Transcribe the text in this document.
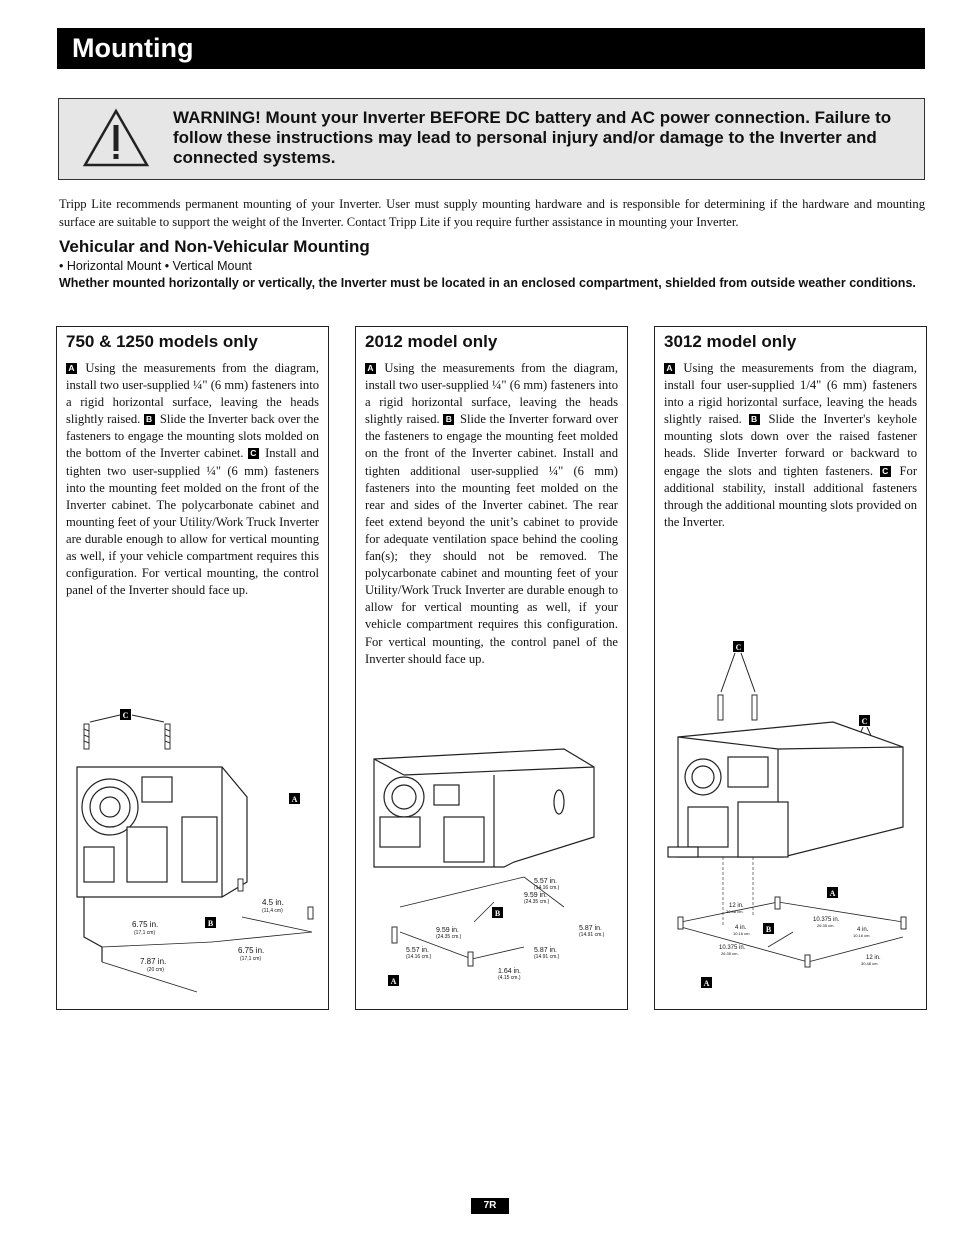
Mounting
WARNING! Mount your Inverter BEFORE DC battery and AC power connection. Failure to follow these instructions may lead to personal injury and/or damage to the Inverter and connected systems.
Tripp Lite recommends permanent mounting of your Inverter. User must supply mounting hardware and is responsible for determining if the hardware and mounting surface are suitable to support the weight of the Inverter. Contact Tripp Lite if you require further assistance in mounting your Inverter.
Vehicular and Non-Vehicular Mounting
• Horizontal Mount • Vertical Mount
Whether mounted horizontally or vertically, the Inverter must be located in an enclosed compartment, shielded from outside weather conditions.
750 & 1250 models only
A Using the measurements from the diagram, install two user-supplied ¼" (6 mm) fasteners into a rigid horizontal surface, leaving the heads slightly raised. B Slide the Inverter back over the fasteners to engage the mounting slots molded on the bottom of the Inverter cabinet. C Install and tighten two user-supplied ¼" (6 mm) fasteners into the mounting feet molded on the front of the Inverter cabinet. The polycarbonate cabinet and mounting feet of your Utility/Work Truck Inverter are durable enough to allow for vertical mounting as well, if your vehicle compartment requires this configuration. For vertical mounting, the control panel of the Inverter should face up.
C
A
B
4.5 in.
(11,4 cm)
6.75 in.
(17,1 cm)
7.87 in.
(20 cm)
6.75 in.
(17,1 cm)
2012 model only
A Using the measurements from the diagram, install two user-supplied ¼" (6 mm) fasteners into a rigid horizontal surface, leaving the heads slightly raised. B Slide the Inverter forward over the fasteners to engage the mounting feet molded on the front of the Inverter cabinet. Install and tighten additional user-supplied ¼" (6 mm) fasteners into the mounting feet molded on the rear and sides of the Inverter cabinet. The rear feet extend beyond the unit’s cabinet to provide for adequate ventilation space behind the cooling fan(s); they should not be removed. The polycarbonate cabinet and mounting feet of your Utility/Work Truck Inverter are durable enough to allow for vertical mounting as well, if your vehicle compartment requires this configuration. For vertical mounting, the control panel of the Inverter should face up.
A
B
5.57 in.
(14.16 cm.)
9.59 in.
(24.35 cm.)
9.59 in.
(24.35 cm.)
5.87 in.
(14.91 cm.)
5.57 in.
(14.16 cm.)
5.87 in.
(14.91 cm.)
1.64 in.
(4.15 cm.)
3012 model only
A Using the measurements from the diagram, install four user-supplied 1/4" (6 mm) fasteners into a rigid horizontal surface, leaving the heads slightly raised. B Slide the Inverter's keyhole mounting slots down over the raised fastener heads. Slide Inverter forward or backward to engage the slots and tighten fasteners. C For additional stability, install additional fasteners through the additional mounting slots provided on the Inverter.
C
C
A
B
A
12 in.
30.48 cm.
4 in.
10.16 cm.
10.375 in.
26.35 cm.
10.375 in.
26.35 cm.
4 in.
10.16 cm.
12 in.
30.48 cm.
7R
